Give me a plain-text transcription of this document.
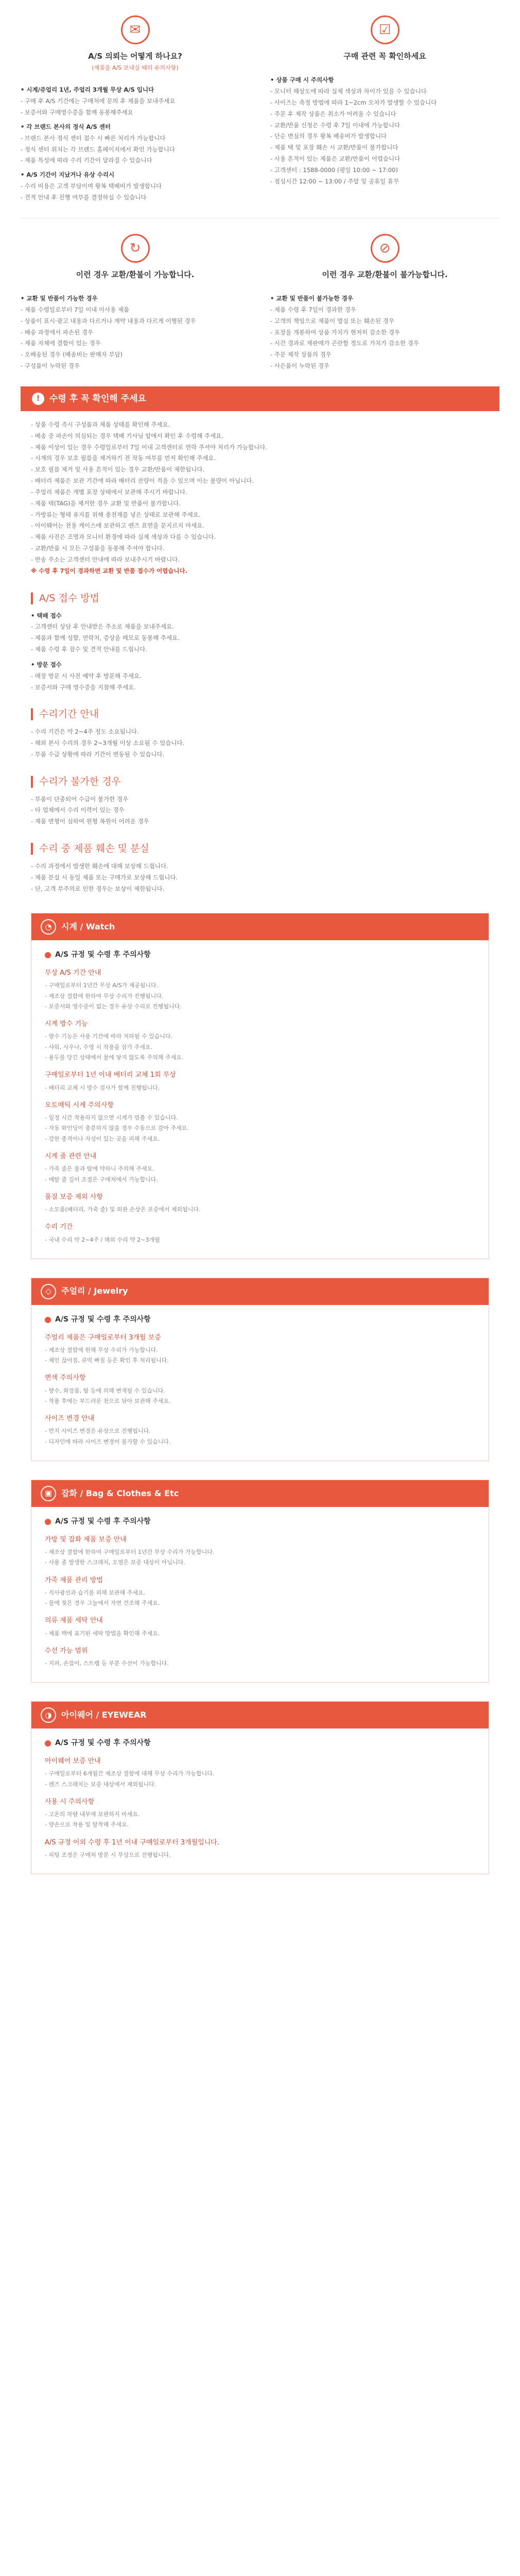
✉
A/S 의뢰는 어떻게 하나요?
(제품을 A/S 보내실 때의 유의사항)

• 시계/쥬얼리 1년, 주얼리 3개월 무상 A/S 입니다

- 구매 후 A/S 기간에는 구매처에 문의 후 제품을 보내주세요

- 보증서와 구매영수증을 함께 동봉해주세요

• 각 브랜드 본사의 정식 A/S 센터

- 브랜드 본사 정식 센터 접수 시 빠른 처리가 가능합니다

- 정식 센터 위치는 각 브랜드 홈페이지에서 확인 가능합니다

- 제품 특성에 따라 수리 기간이 달라질 수 있습니다

• A/S 기간이 지났거나 유상 수리시

- 수리 비용은 고객 부담이며 왕복 택배비가 발생합니다

- 견적 안내 후 진행 여부를 결정하실 수 있습니다

☑
구매 관련 꼭 확인하세요

• 상품 구매 시 주의사항

- 모니터 해상도에 따라 실제 색상과 차이가 있을 수 있습니다

- 사이즈는 측정 방법에 따라 1~2cm 오차가 발생할 수 있습니다

- 주문 후 제작 상품은 취소가 어려울 수 있습니다

- 교환/반품 신청은 수령 후 7일 이내에 가능합니다

- 단순 변심의 경우 왕복 배송비가 발생합니다

- 제품 택 및 포장 훼손 시 교환/반품이 불가합니다

- 사용 흔적이 있는 제품은 교환/반품이 어렵습니다

- 고객센터 : 1588-0000 (평일 10:00 ~ 17:00)

- 점심시간 12:00 ~ 13:00 / 주말 및 공휴일 휴무

↻
이런 경우 교환/환불이 가능합니다.

• 교환 및 반품이 가능한 경우

- 제품 수령일로부터 7일 이내 미사용 제품

- 상품이 표시·광고 내용과 다르거나 계약 내용과 다르게 이행된 경우

- 배송 과정에서 파손된 경우

- 제품 자체에 결함이 있는 경우

- 오배송된 경우 (배송비는 판매자 부담)

- 구성품이 누락된 경우

⊘
이런 경우 교환/환불이 불가능합니다.

• 교환 및 반품이 불가능한 경우

- 제품 수령 후 7일이 경과한 경우

- 고객의 책임으로 제품이 멸실 또는 훼손된 경우

- 포장을 개봉하여 상품 가치가 현저히 감소한 경우

- 시간 경과로 재판매가 곤란할 정도로 가치가 감소한 경우

- 주문 제작 상품의 경우

- 사은품이 누락된 경우

!	수령 후 꼭 확인해 주세요

- 상품 수령 즉시 구성품과 제품 상태를 확인해 주세요.

- 배송 중 파손이 의심되는 경우 택배 기사님 앞에서 확인 후 수령해 주세요.

- 제품 이상이 있는 경우 수령일로부터 7일 이내 고객센터로 연락 주셔야 처리가 가능합니다.

- 시계의 경우 보호 필름을 제거하기 전 작동 여부를 먼저 확인해 주세요.

- 보호 필름 제거 및 사용 흔적이 있는 경우 교환/반품이 제한됩니다.

- 배터리 제품은 보관 기간에 따라 배터리 잔량이 적을 수 있으며 이는 불량이 아닙니다.

- 주얼리 제품은 개별 포장 상태에서 보관해 주시기 바랍니다.

- 제품 택(TAG)을 제거한 경우 교환 및 반품이 불가합니다.

- 가방류는 형태 유지를 위해 충전재를 넣은 상태로 보관해 주세요.

- 아이웨어는 전용 케이스에 보관하고 렌즈 표면을 문지르지 마세요.

- 제품 사진은 조명과 모니터 환경에 따라 실제 색상과 다를 수 있습니다.

- 교환/반품 시 모든 구성품을 동봉해 주셔야 합니다.

- 반송 주소는 고객센터 안내에 따라 보내주시기 바랍니다.

※ 수령 후 7일이 경과하면 교환 및 반품 접수가 어렵습니다.

A/S 접수 방법

• 택배 접수

- 고객센터 상담 후 안내받은 주소로 제품을 보내주세요.

- 제품과 함께 성함, 연락처, 증상을 메모로 동봉해 주세요.

- 제품 수령 후 검수 및 견적 안내를 드립니다.

• 방문 접수

- 매장 방문 시 사전 예약 후 방문해 주세요.

- 보증서와 구매 영수증을 지참해 주세요.

수리기간 안내

- 수리 기간은 약 2~4주 정도 소요됩니다.

- 해외 본사 수리의 경우 2~3개월 이상 소요될 수 있습니다.

- 부품 수급 상황에 따라 기간이 변동될 수 있습니다.

수리가 불가한 경우

- 부품이 단종되어 수급이 불가한 경우

- 타 업체에서 수리 이력이 있는 경우

- 제품 변형이 심하여 원형 복원이 어려운 경우

수리 중 제품 훼손 및 분실

- 수리 과정에서 발생한 훼손에 대해 보상해 드립니다.

- 제품 분실 시 동일 제품 또는 구매가로 보상해 드립니다.

- 단, 고객 부주의로 인한 경우는 보상이 제한됩니다.

◔	시계 / Watch
A/S 규정 및 수령 후 주의사항
무상 A/S 기간 안내
- 구매일로부터 1년간 무상 A/S가 제공됩니다.
- 제조상 결함에 한하여 무상 수리가 진행됩니다.
- 보증서와 영수증이 없는 경우 유상 수리로 진행됩니다.
시계 방수 기능
- 방수 기능은 사용 기간에 따라 저하될 수 있습니다.
- 샤워, 사우나, 수영 시 착용을 삼가 주세요.
- 용두를 당긴 상태에서 물에 닿지 않도록 주의해 주세요.
구매일로부터 1년 이내 배터리 교체 1회 무상
- 배터리 교체 시 방수 검사가 함께 진행됩니다.
오토매틱 시계 주의사항
- 일정 시간 착용하지 않으면 시계가 멈출 수 있습니다.
- 자동 와인딩이 충분하지 않을 경우 수동으로 감아 주세요.
- 강한 충격이나 자성이 있는 곳을 피해 주세요.
시계 줄 관련 안내
- 가죽 줄은 물과 땀에 약하니 주의해 주세요.
- 메탈 줄 길이 조절은 구매처에서 가능합니다.
품질 보증 제외 사항
- 소모품(배터리, 가죽 줄) 및 외관 손상은 보증에서 제외됩니다.
수리 기간
- 국내 수리 약 2~4주 / 해외 수리 약 2~3개월
◇	주얼리 / Jewelry
A/S 규정 및 수령 후 주의사항
주얼리 제품은 구매일로부터 3개월 보증
- 제조상 결함에 한해 무상 수리가 가능합니다.
- 체인 끊어짐, 큐빅 빠짐 등은 확인 후 처리됩니다.
변색 주의사항
- 향수, 화장품, 땀 등에 의해 변색될 수 있습니다.
- 착용 후에는 부드러운 천으로 닦아 보관해 주세요.
사이즈 변경 안내
- 반지 사이즈 변경은 유상으로 진행됩니다.
- 디자인에 따라 사이즈 변경이 불가할 수 있습니다.
▣	잡화 / Bag & Clothes & Etc
A/S 규정 및 수령 후 주의사항
가방 및 잡화 제품 보증 안내
- 제조상 결함에 한하여 구매일로부터 1년간 무상 수리가 가능합니다.
- 사용 중 발생한 스크래치, 오염은 보증 대상이 아닙니다.
가죽 제품 관리 방법
- 직사광선과 습기를 피해 보관해 주세요.
- 물에 젖은 경우 그늘에서 자연 건조해 주세요.
의류 제품 세탁 안내
- 제품 택에 표기된 세탁 방법을 확인해 주세요.
수선 가능 범위
- 지퍼, 손잡이, 스트랩 등 부분 수선이 가능합니다.
◑	아이웨어 / EYEWEAR
A/S 규정 및 수령 후 주의사항
아이웨어 보증 안내
- 구매일로부터 6개월간 제조상 결함에 대해 무상 수리가 가능합니다.
- 렌즈 스크래치는 보증 대상에서 제외됩니다.
사용 시 주의사항
- 고온의 차량 내부에 보관하지 마세요.
- 양손으로 착용 및 탈착해 주세요.
A/S 규정 이외 수령 후 1년 이내 구매일로부터 3개월입니다.
- 피팅 조정은 구매처 방문 시 무상으로 진행됩니다.
